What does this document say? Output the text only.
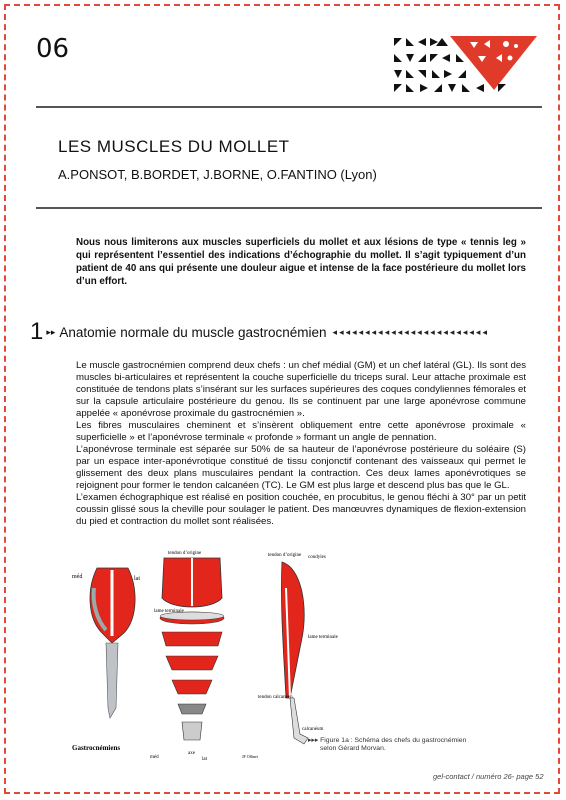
06
LES MUSCLES DU MOLLET
A.PONSOT, B.BORDET, J.BORNE, O.FANTINO (Lyon)
Nous nous limiterons aux muscles superficiels du mollet et aux lésions de type « tennis leg » qui représentent l’essentiel des indications d’échographie du mollet. Il s’agit typiquement d’un patient de 40 ans qui présente une douleur aigue et intense de la face postérieure du mollet lors d’un effort.
1 ▸▸ Anatomie normale du muscle gastrocnémien ◂◂◂◂◂◂◂◂◂◂◂◂◂◂◂◂◂◂◂◂◂◂◂◂

Le muscle gastrocnémien comprend deux chefs : un chef médial (GM) et un chef latéral (GL). Ils sont des muscles bi-articulaires et représentent la couche superficielle du triceps sural. Leur attache proximale est constituée de tendons plats s’insérant sur les surfaces supérieures des coques condyliennes fémorales et sur la capsule articulaire postérieure du genou. Ils se continuent par une large aponévrose commune appelée « aponévrose proximale du gastrocnémien ».

Les fibres musculaires cheminent et s’insèrent obliquement entre cette aponévrose proximale « superficielle » et l’aponévrose terminale « profonde » formant un angle de pennation.

L’aponévrose terminale est séparée sur 50% de sa hauteur de l’aponévrose postérieure du soléaire (S) par un espace inter-aponévrotique constitué de tissu conjonctif contenant des vaisseaux qui permet le glissement des deux plans musculaires pendant la contraction. Ces deux lames aponévrotiques se rejoignent pour former le tendon calcanéen (TC). Le GM est plus large et descend plus bas que le GL.

L’examen échographique est réalisé en position couchée, en procubitus, le genou fléchi à 30° par un petit coussin glissé sous la cheville pour soulager le patient. Des manœuvres dynamiques de flexion-extension du pied et contraction du mollet sont réalisées.

méd	lat
tendon d’origine
lame terminale
axe
méd	lat
JF Ollinet
tendon d’origine condyles
lame terminale
tendon calcanéen
calcanéum
Gastrocnémiens
▸▸▸ Figure 1a : Schéma des chefs du gastrocnémien
selon Gérard Morvan.
gel-contact / numéro 26- page 52
